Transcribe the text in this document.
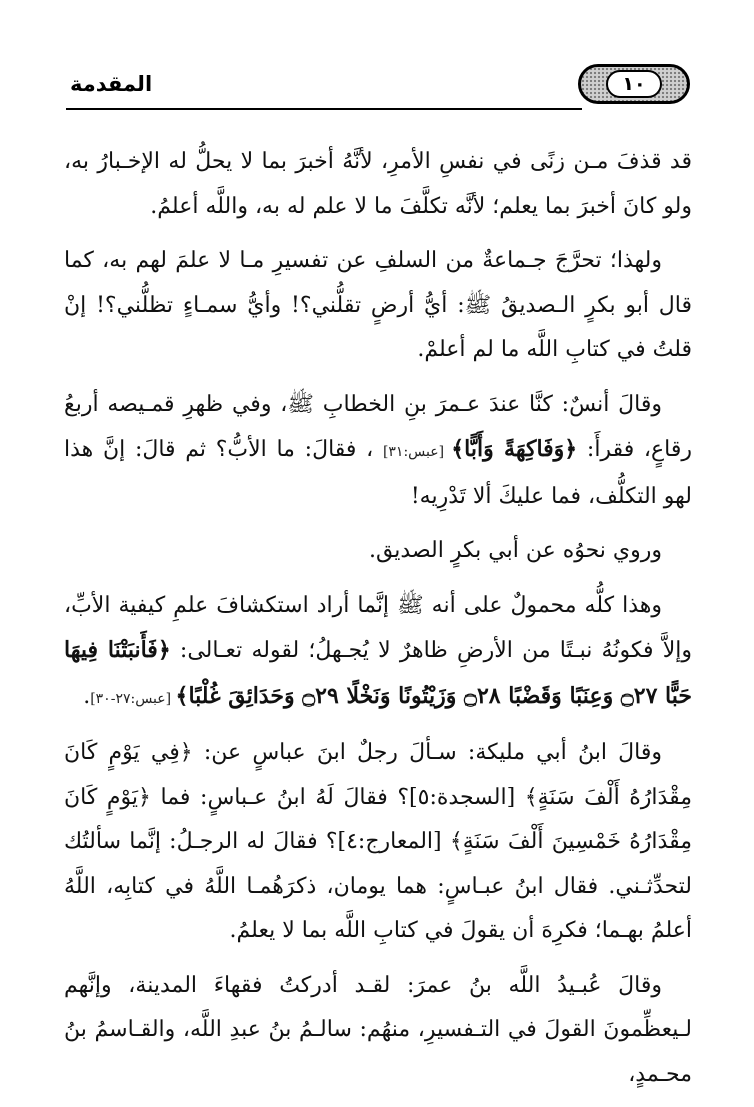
المقدمة	١٠

قد قذفَ مـن زنًى في نفسِ الأمرِ، لأنَّهُ أخبرَ بما لا يحلُّ له الإخـبارُ به، ولو كانَ أخبرَ بما يعلم؛ لأنَّه تكلَّفَ ما لا علم له به، واللَّه أعلمُ.

ولهذا؛ تحرَّجَ جـماعةٌ من السلفِ عن تفسيرِ مـا لا علمَ لهم به، كما قال أبو بكرٍ الـصديقُ ﷺ: أيُّ أرضٍ تقلُّني؟! وأيُّ سمـاءٍ تظلُّني؟! إنْ قلتُ في كتابِ اللَّه ما لم أعلمْ.

وقالَ أنسٌ: كنَّا عندَ عـمرَ بنِ الخطابِ ﷺ، وفي ظهرِ قمـيصه أربعُ رقاعٍ، فقرأَ: ﴿وَفَاكِهَةً وَأَبًّا﴾ [عبس:٣١] ، فقالَ: ما الأبُّ؟ ثم قالَ: إنَّ هذا لهو التكلُّف، فما عليكَ ألا تَدْرِيه!

وروي نحوُه عن أبي بكرٍ الصديق.

وهذا كلُّه محمولٌ على أنه ﷺ إنَّما أراد استكشافَ علمِ كيفية الأبِّ، وإلاَّ فكونُهُ نبـتًا من الأرضِ ظاهرٌ لا يُجـهلُ؛ لقوله تعـالى: ﴿فَأَنبَتْنَا فِيهَا حَبًّا ۝٢٧ وَعِنَبًا وَقَضْبًا ۝٢٨ وَزَيْتُونًا وَنَخْلًا ۝٢٩ وَحَدَائِقَ غُلْبًا﴾ [عبس:٢٧-٣٠].

وقالَ ابنُ أبي مليكة: سـألَ رجلٌ ابنَ عباسٍ عن: ﴿فِي يَوْمٍ كَانَ مِقْدَارُهُ أَلْفَ سَنَةٍ﴾ [السجدة:٥]؟ فقالَ لَهُ ابنُ عـباسٍ: فما ﴿يَوْمٍ كَانَ مِقْدَارُهُ خَمْسِينَ أَلْفَ سَنَةٍ﴾ [المعارج:٤]؟ فقالَ له الرجـلُ: إنَّما سألتُك لتحدِّثـني. فقال ابنُ عبـاسٍ: هما يومان، ذكرَهُمـا اللَّهُ في كتابِه، اللَّهُ أعلمُ بهـما؛ فكرِهَ أن يقولَ في كتابِ اللَّه بما لا يعلمُ.

وقالَ عُبـيدُ اللَّه بنُ عمرَ: لقـد أدركتُ فقهاءَ المدينة، وإنَّهم لـيعظِّمونَ القولَ في التـفسيرِ، منهُم: سالـمُ بنُ عبدِ اللَّه، والقـاسمُ بنُ محـمدٍ،
